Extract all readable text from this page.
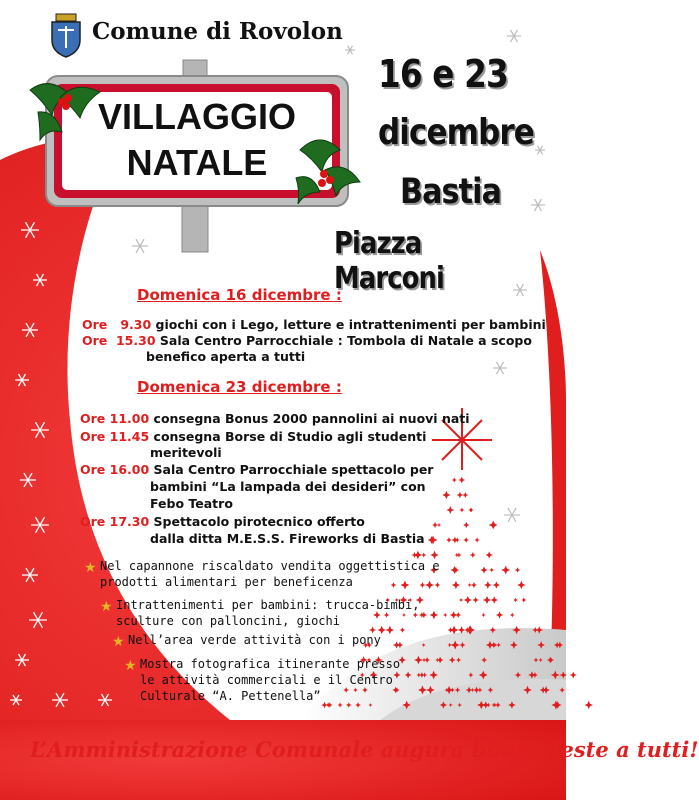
Comune di Rovolon
VILLAGGIO
NATALE
16 e 23
dicembre
Bastia
Piazza Marconi
Domenica 16 dicembre :
Ore   9.30 giochi con i Lego, letture e intrattenimenti per bambini
Ore  15.30 Sala Centro Parrocchiale : Tombola di Natale a scopo
benefico aperta a tutti
Domenica 23 dicembre :
Ore 11.00 consegna Bonus 2000 pannolini ai nuovi nati
Ore 11.45 consegna Borse di Studio agli studenti
meritevoli
Ore 16.00 Sala Centro Parrocchiale spettacolo per
bambini “La lampada dei desideri” con
Febo Teatro
Ore 17.30 Spettacolo pirotecnico offerto
dalla ditta M.E.S.S. Fireworks di Bastia
★ Nel capannone riscaldato vendita oggettistica e
prodotti alimentari per beneficenza
★ Intrattenimenti per bambini: trucca-bimbi,
sculture con palloncini, giochi
★ Nell’area verde attività con i pony
★ Mostra fotografica itinerante presso
le attività commerciali e il Centro
Culturale “A. Pettenella”
L’Amministrazione Comunale augura buone feste a tutti!
